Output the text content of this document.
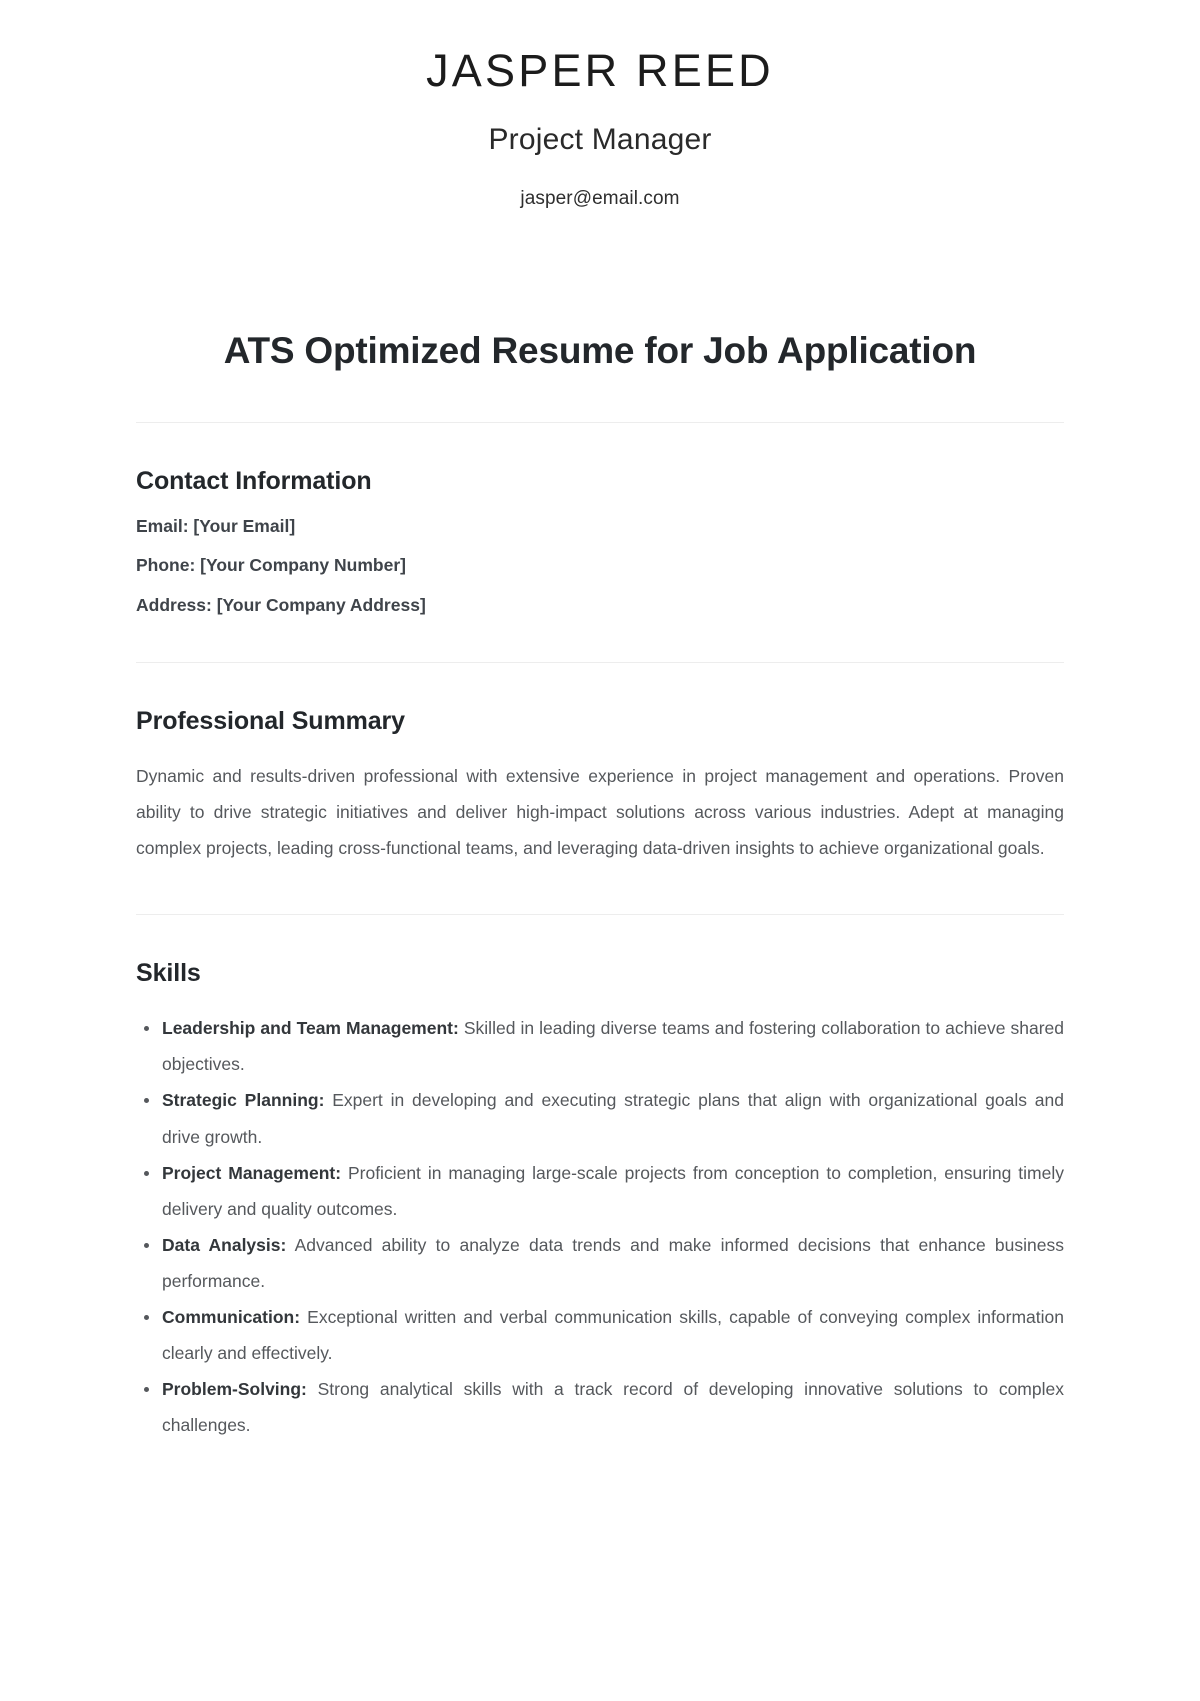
JASPER REED
Project Manager
jasper@email.com
ATS Optimized Resume for Job Application
Contact Information

Email: [Your Email]

Phone: [Your Company Number]

Address: [Your Company Address]

Professional Summary

Dynamic and results-driven professional with extensive experience in project management and operations. Proven ability to drive strategic initiatives and deliver high-impact solutions across various industries. Adept at managing complex projects, leading cross-functional teams, and leveraging data-driven insights to achieve organizational goals.

Skills
Leadership and Team Management: Skilled in leading diverse teams and fostering collaboration to achieve shared objectives.
Strategic Planning: Expert in developing and executing strategic plans that align with organizational goals and drive growth.
Project Management: Proficient in managing large-scale projects from conception to completion, ensuring timely delivery and quality outcomes.
Data Analysis: Advanced ability to analyze data trends and make informed decisions that enhance business performance.
Communication: Exceptional written and verbal communication skills, capable of conveying complex information clearly and effectively.
Problem-Solving: Strong analytical skills with a track record of developing innovative solutions to complex challenges.
